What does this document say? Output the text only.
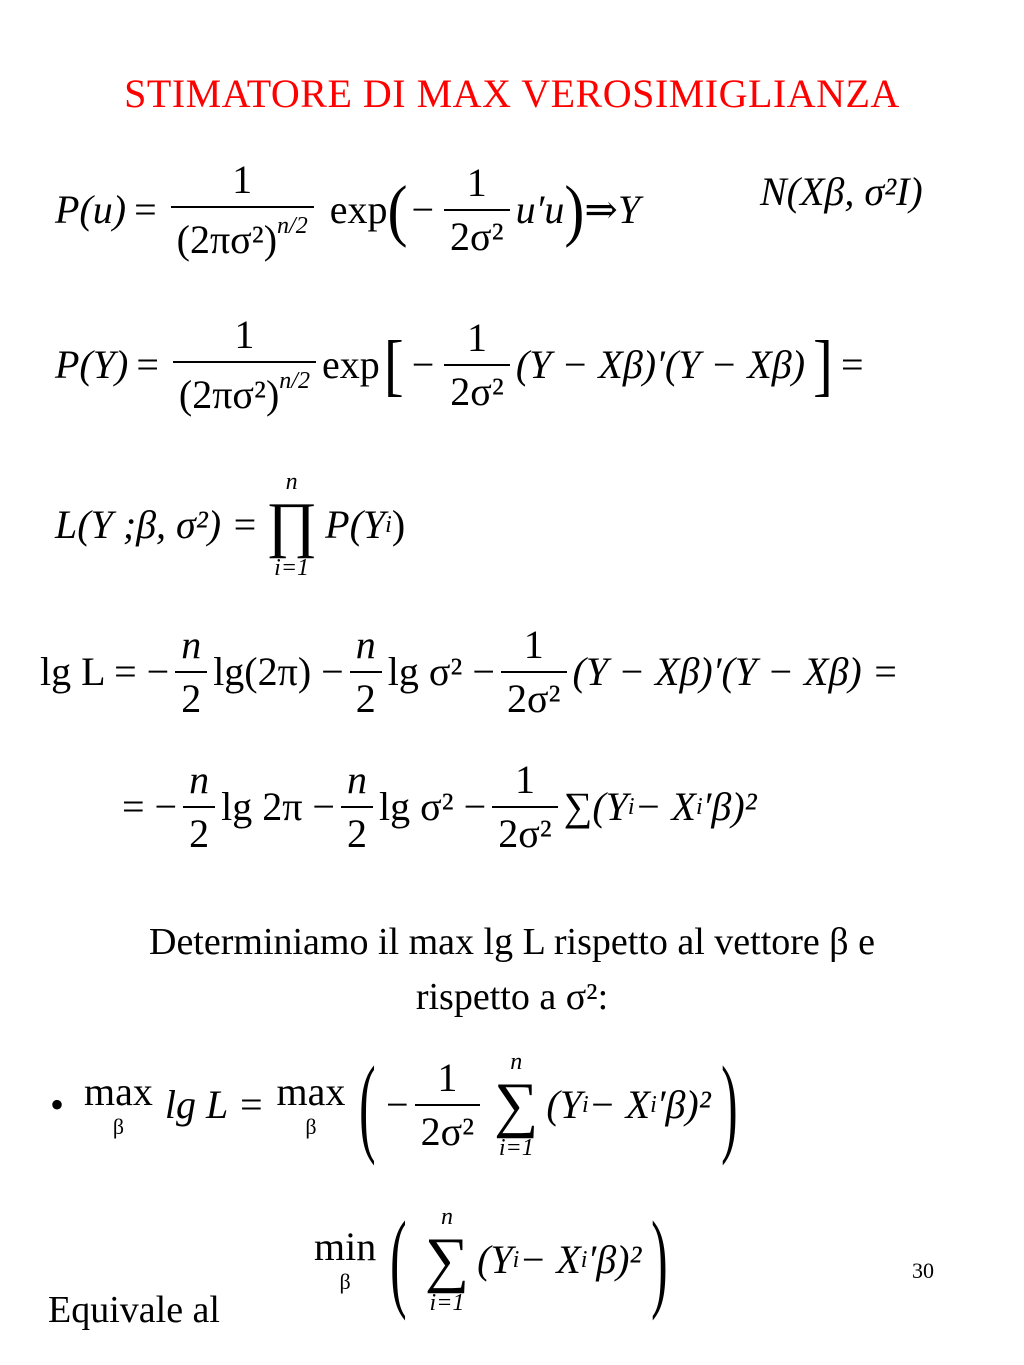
STIMATORE DI MAX VEROSIMIGLIANZA
$P(u) = \frac{1}{(2\pi\sigma^2)^{n/2}}$ exp ( − $\frac{1}{\text{2σ²}} u'u$ ) ⇒ Y	N(Xβ, σ²I)
$P(Y) = \frac{1}{(2\pi\sigma^2)^{n/2}}$ exp [ − $\frac{1}{\text{2σ²}} (Y - X\beta)'(Y - X\beta)$ ] =
L(Y ;β, σ²) =
n
∏
i=1
P(Y i )
lg L = − $\frac{n}{2} \lg(2\pi) - \frac{n}{2}$ $\lg \sigma^2 - \frac{1}{\text{2σ²}} (Y - X\beta)'(Y - X\beta)$ =
= − $\frac{n}{2}$ $\lg 2\pi - \frac{n}{2}$ $\lg \sigma^2 - \frac{1}{\text{2σ²}} \sum(Y$ i − X i ′β)²
Determiniamo il max lg L rispetto al vettore β e
rispetto a σ²:
• max
β lg L = max
β ( − $\frac{1}{\text{2σ²}}$ n
∑
i=1
(Y i − X i ′β)² )
min
β ( n
∑
i=1
(Y i − X i ′β)² )	30
Equivale al
